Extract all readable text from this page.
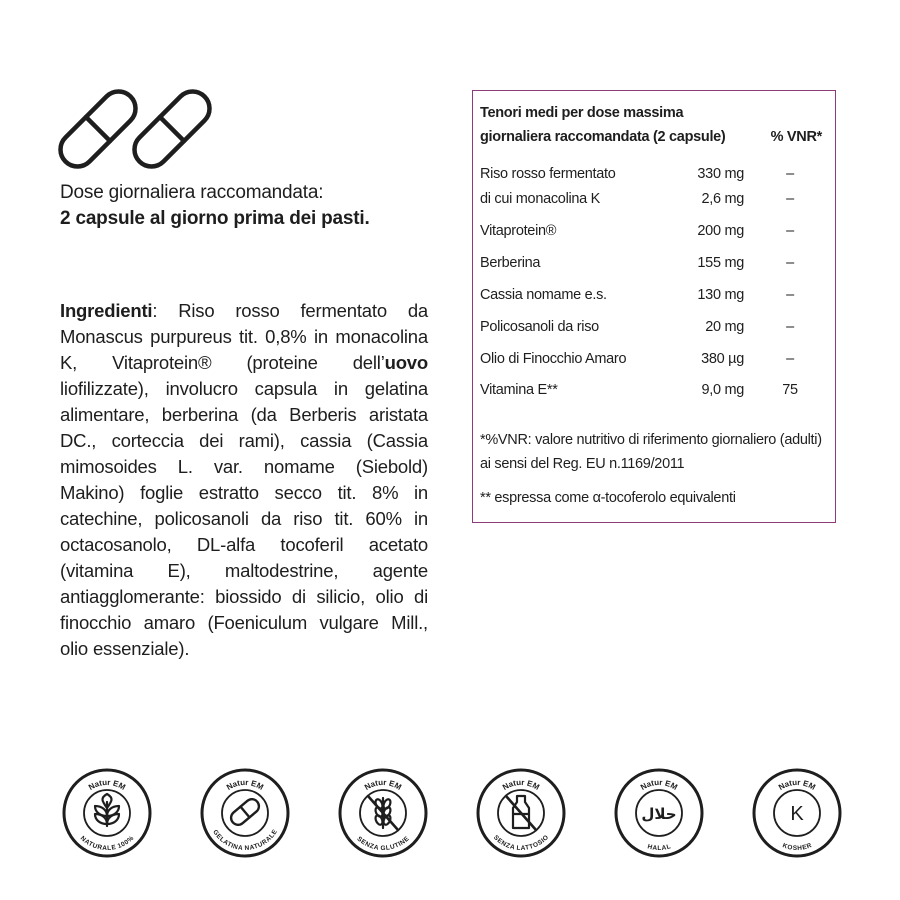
Dose giornaliera raccomandata:
2 capsule al giorno prima dei pasti.
Ingredienti: Riso rosso fermentato da Monascus purpureus tit. 0,8% in monacolina K, Vitaprotein® (proteine dell’uovo liofilizzate), involucro capsula in gelatina alimentare, berberina (da Berberis aristata DC., corteccia dei rami), cassia (Cassia mimosoides L. var. nomame (Siebold) Makino) foglie estratto secco tit. 8% in catechine, policosanoli da riso tit. 60% in octacosanolo, DL-alfa tocoferil acetato (vitamina E), maltodestrine, agente antiagglomerante: biossido di silicio, olio di finocchio amaro (Foeniculum vulgare Mill., olio essenziale).
Tenori medi per dose massima
giornaliera raccomandata (2 capsule)	% VNR*
Riso rosso fermentato	330 mg	–
di cui monacolina K	2,6 mg	–
Vitaprotein®	200 mg	–
Berberina	155 mg	–
Cassia nomame e.s.	130 mg	–
Policosanoli da riso	20 mg	–
Olio di Finocchio Amaro	380 µg	–
Vitamina E**	9,0 mg	75
*%VNR: valore nutritivo di riferimento giornaliero (adulti)
ai sensi del Reg. EU n.1169/2011
** espressa come α-tocoferolo equivalenti
Natur EM
NATURALE 100%
Natur EM
GELATINA NATURALE
Natur EM
SENZA GLUTINE
Natur EM
SENZA LATTOSIO
Natur EM
HALAL
حلال
Natur EM
KOSHER
K
